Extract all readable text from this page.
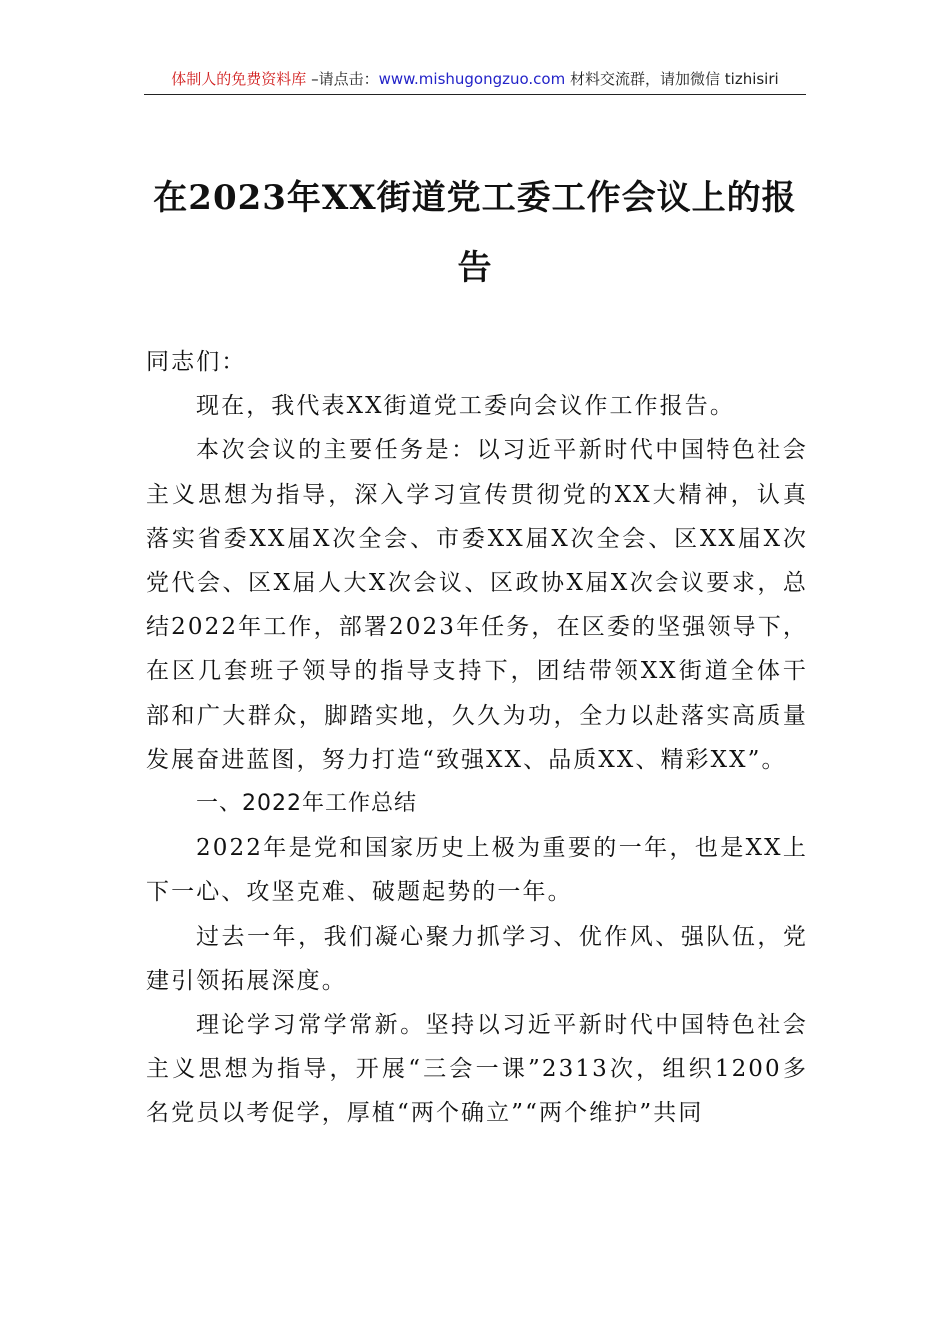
体制人的免费资料库 –请点击：www.mishugongzuo.com 材料交流群，请加微信 tizhisiri
在2023年XX街道党工委工作会议上的报
告

同志们：

现在，我代表XX街道党工委向会议作工作报告。

本次会议的主要任务是：以习近平新时代中国特色社会主义思想为指导，深入学习宣传贯彻党的XX大精神，认真落实省委XX届X次全会、市委XX届X次全会、区XX届X次党代会、区X届人大X次会议、区政协X届X次会议要求，总结2022年工作，部署2023年任务，在区委的坚强领导下，在区几套班子领导的指导支持下，团结带领XX街道全体干部和广大群众，脚踏实地，久久为功，全力以赴落实高质量发展奋进蓝图，努力打造“致强XX、品质XX、精彩XX”。

一、2022年工作总结

2022年是党和国家历史上极为重要的一年，也是XX上下一心、攻坚克难、破题起势的一年。

过去一年，我们凝心聚力抓学习、优作风、强队伍，党建引领拓展深度。

理论学习常学常新。坚持以习近平新时代中国特色社会主义思想为指导，开展“三会一课”2313次，组织1200多名党员以考促学，厚植“两个确立”“两个维护”共同
